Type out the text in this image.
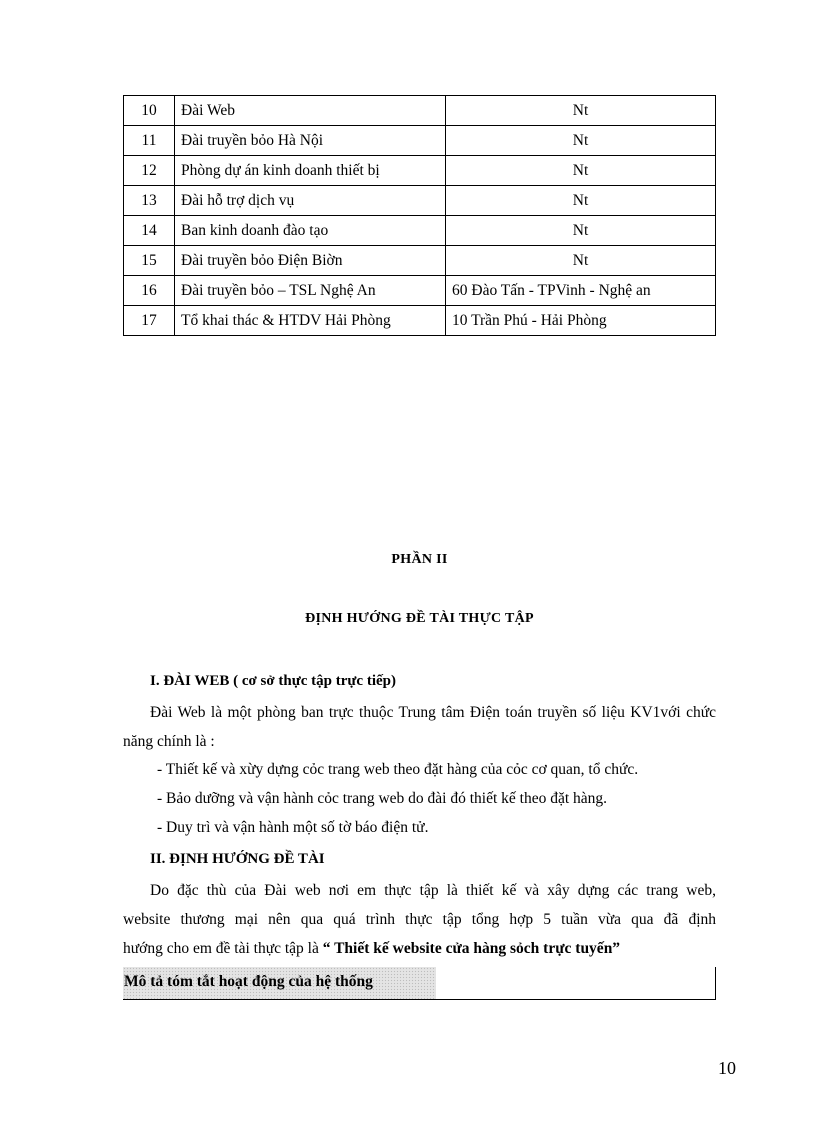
10	Đài Web	Nt
11	Đài truyền bỏo Hà Nội	Nt
12	Phòng dự án kinh doanh thiết bị	Nt
13	Đài hỗ trợ dịch vụ	Nt
14	Ban kinh doanh đào tạo	Nt
15	Đài truyền bỏo Điện Biờn	Nt
16	Đài truyền bỏo – TSL Nghệ An	60 Đào Tấn - TPVinh - Nghệ an
17	Tổ khai thác & HTDV Hải Phòng	10 Trần Phú - Hải Phòng
PHẦN II
ĐỊNH HƯỚNG ĐỀ TÀI THỰC TẬP
I. ĐÀI WEB ( cơ sở thực tập trực tiếp)
Đài Web là một phòng ban trực thuộc Trung tâm Điện toán truyền số liệu KV1với chức năng chính là :
- Thiết kế và xừy dựng cỏc trang web theo đặt hàng của cỏc cơ quan, tổ chức.
- Bảo dưỡng và vận hành cỏc trang web do đài đó thiết kế theo đặt hàng.
- Duy trì và vận hành một số tờ báo điện tử.
II. ĐỊNH HƯỚNG ĐỀ TÀI
Do đặc thù của Đài web nơi em thực tập là thiết kế và xây dựng các trang web,
website thương mại nên qua quá trình thực tập tổng hợp 5 tuần vừa qua đã định
hướng cho em đề tài thực tập là “ Thiết kế website cửa hàng sỏch trực tuyến”
Mô tả tóm tắt hoạt động của hệ thống
10
